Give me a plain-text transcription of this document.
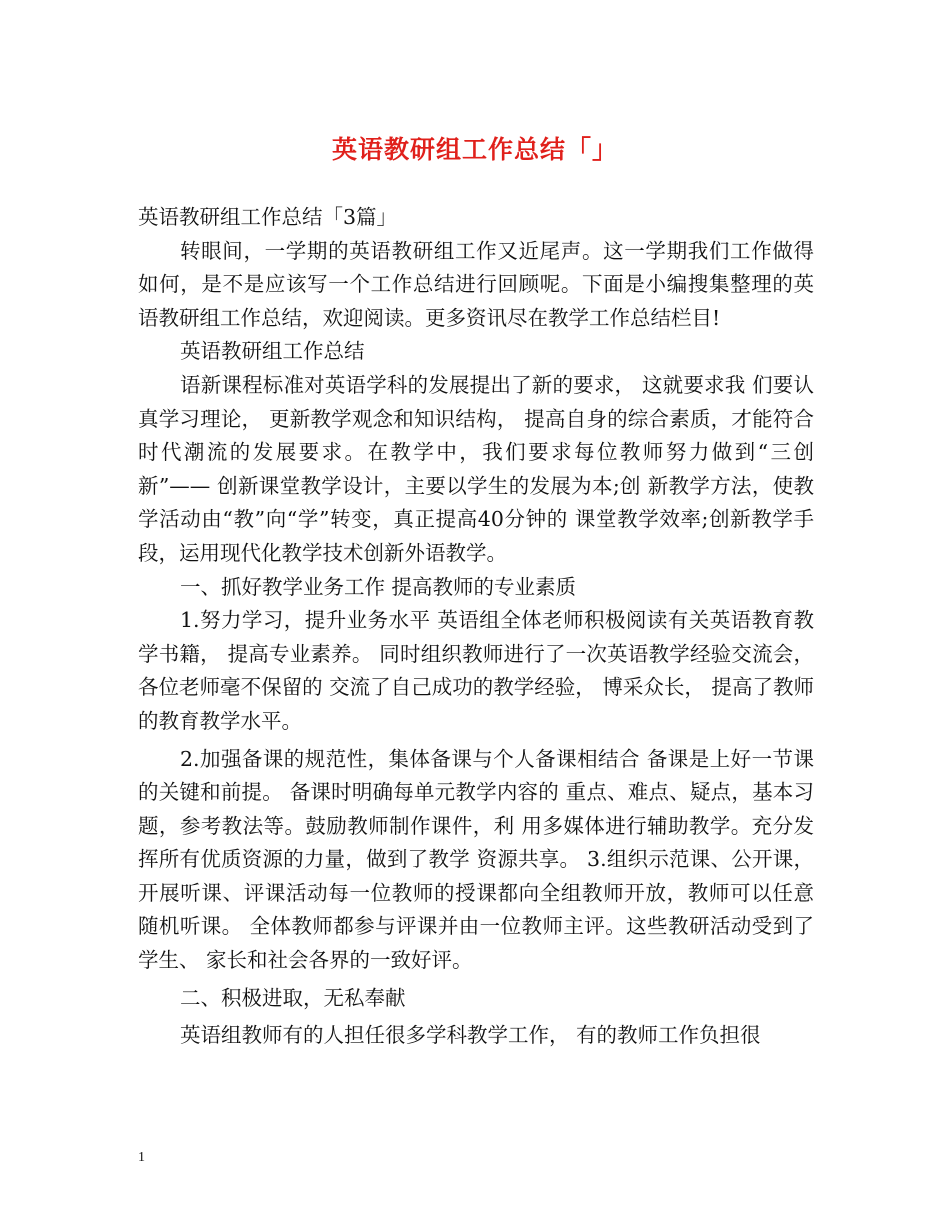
英语教研组工作总结「」

英语教研组工作总结「3篇」

转眼间，一学期的英语教研组工作又近尾声。这一学期我们工作做得如何，是不是应该写一个工作总结进行回顾呢。下面是小编搜集整理的英语教研组工作总结，欢迎阅读。更多资讯尽在教学工作总结栏目!

英语教研组工作总结

语新课程标准对英语学科的发展提出了新的要求， 这就要求我 们要认真学习理论， 更新教学观念和知识结构， 提高自身的综合素质，才能符合时代潮流的发展要求。在教学中，我们要求每位教师努力做到“三创新”—— 创新课堂教学设计，主要以学生的发展为本;创 新教学方法，使教学活动由“教”向“学”转变，真正提高40分钟的 课堂教学效率;创新教学手段，运用现代化教学技术创新外语教学。

一、抓好教学业务工作 提高教师的专业素质

1.努力学习，提升业务水平 英语组全体老师积极阅读有关英语教育教学书籍， 提高专业素养。 同时组织教师进行了一次英语教学经验交流会， 各位老师毫不保留的 交流了自己成功的教学经验， 博采众长， 提高了教师的教育教学水平。

2.加强备课的规范性，集体备课与个人备课相结合 备课是上好一节课的关键和前提。 备课时明确每单元教学内容的 重点、难点、疑点，基本习题，参考教法等。鼓励教师制作课件，利 用多媒体进行辅助教学。充分发挥所有优质资源的力量，做到了教学 资源共享。 3.组织示范课、公开课，开展听课、评课活动每一位教师的授课都向全组教师开放，教师可以任意随机听课。 全体教师都参与评课并由一位教师主评。这些教研活动受到了学生、 家长和社会各界的一致好评。

二、积极进取，无私奉献

英语组教师有的人担任很多学科教学工作， 有的教师工作负担很

1
